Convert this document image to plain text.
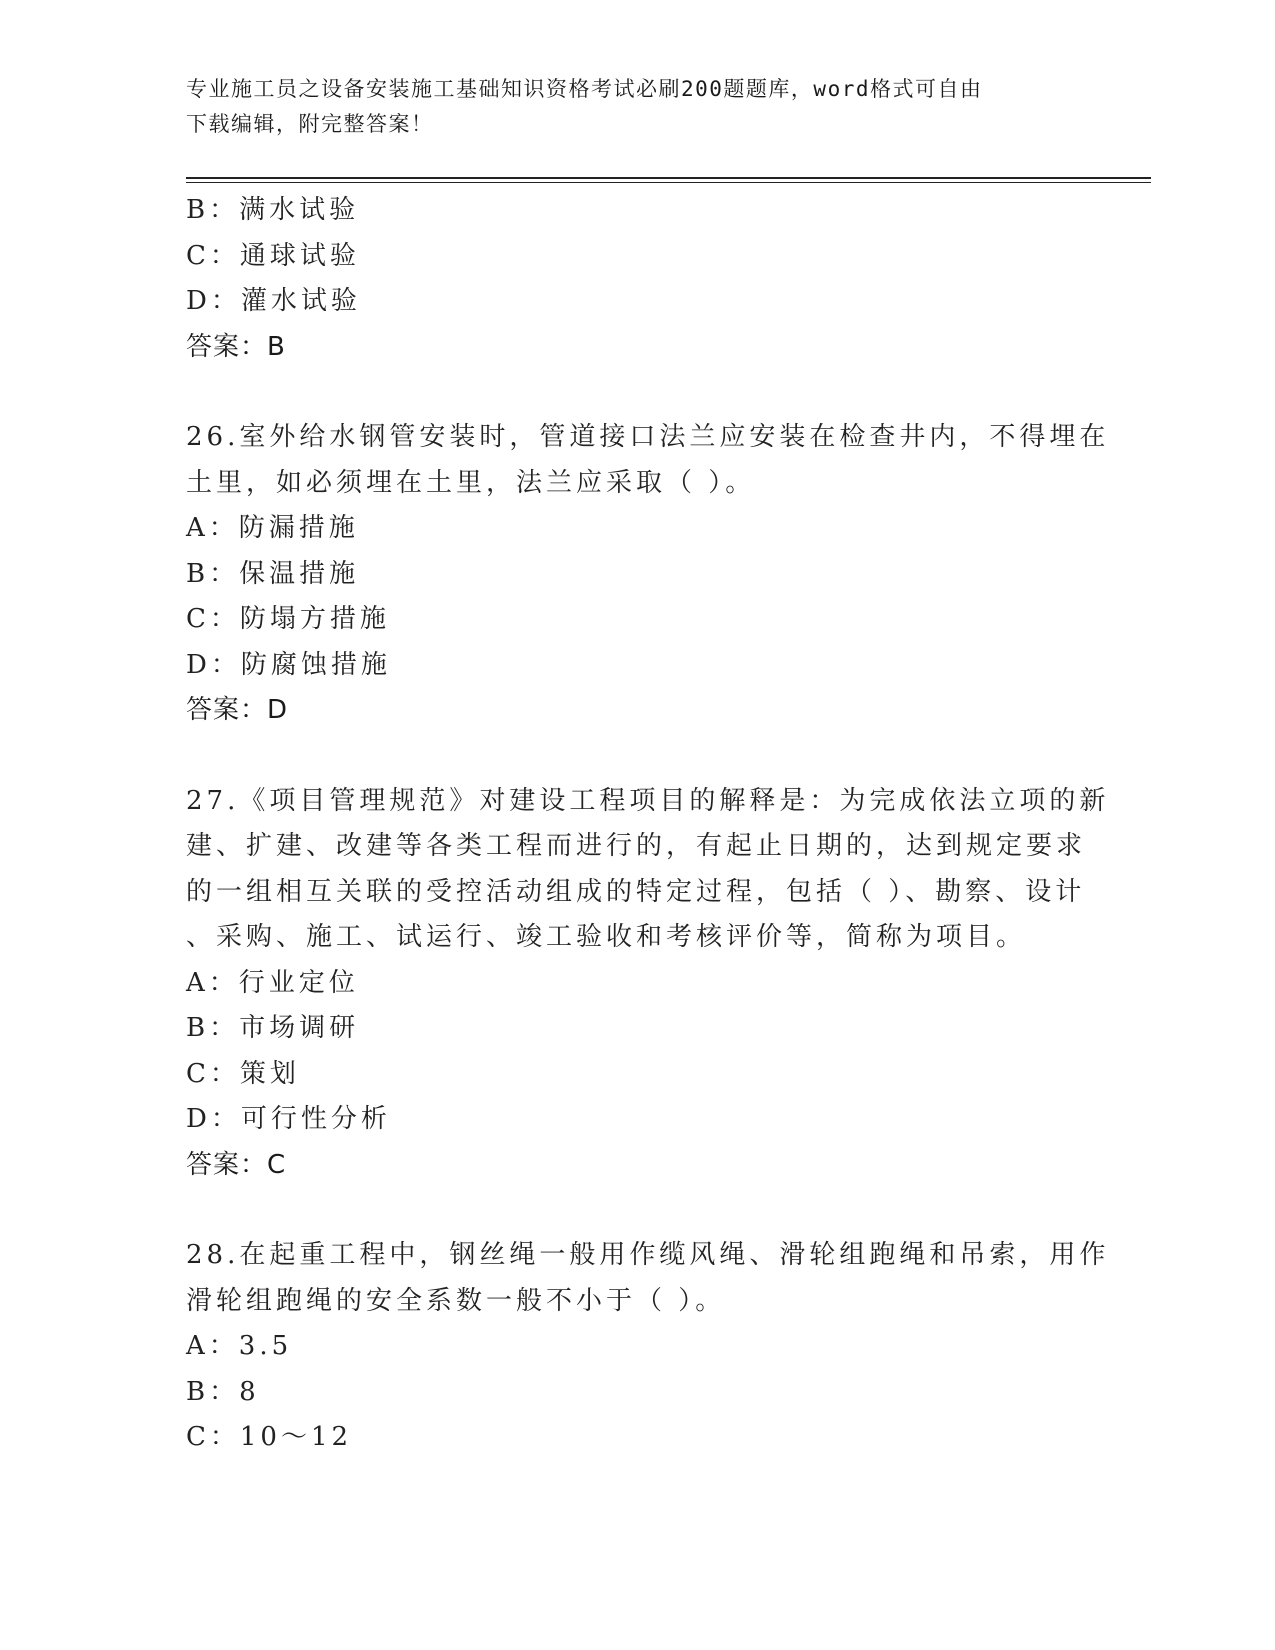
专业施工员之设备安装施工基础知识资格考试必刷200题题库，word格式可自由
下载编辑，附完整答案！
B：满水试验
C：通球试验
D：灌水试验
答案：B
26.室外给水钢管安装时，管道接口法兰应安装在检查井内，不得埋在
土里，如必须埋在土里，法兰应采取（ ）。
A：防漏措施
B：保温措施
C：防塌方措施
D：防腐蚀措施
答案：D
27.《项目管理规范》对建设工程项目的解释是：为完成依法立项的新
建、扩建、改建等各类工程而进行的，有起止日期的，达到规定要求
的一组相互关联的受控活动组成的特定过程，包括（ ）、勘察、设计
、采购、施工、试运行、竣工验收和考核评价等，简称为项目。
A：行业定位
B：市场调研
C：策划
D：可行性分析
答案：C
28.在起重工程中，钢丝绳一般用作缆风绳、滑轮组跑绳和吊索，用作
滑轮组跑绳的安全系数一般不小于（ ）。
A：3.5
B：8
C：10～12
